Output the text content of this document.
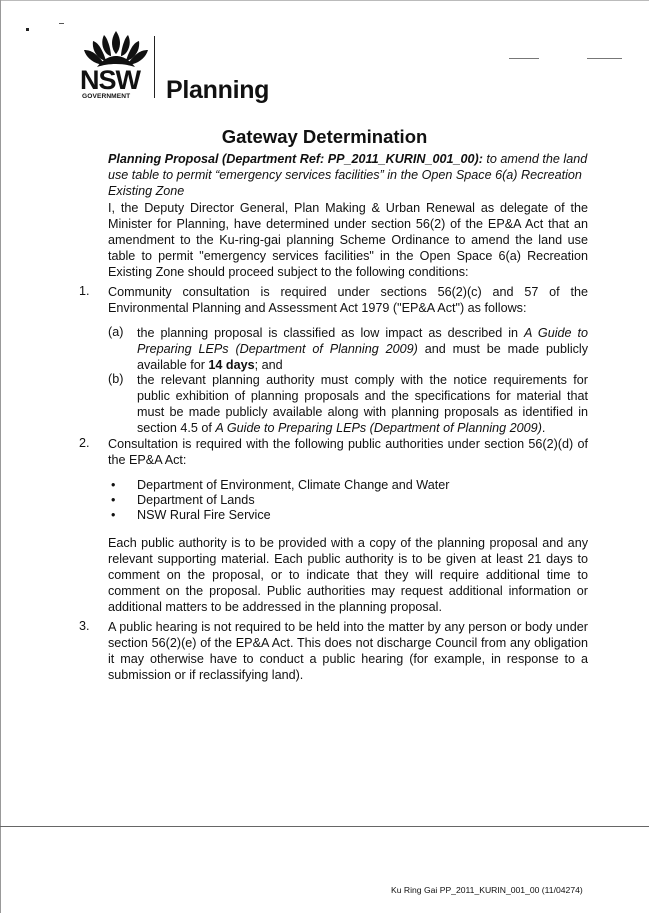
NSW
GOVERNMENT Planning
Gateway Determination
Planning Proposal (Department Ref: PP_2011_KURIN_001_00): to amend the land use table to permit “emergency services facilities” in the Open Space 6(a) Recreation Existing Zone
I, the Deputy Director General, Plan Making & Urban Renewal as delegate of the Minister for Planning, have determined under section 56(2) of the EP&A Act that an amendment to the Ku-ring-gai planning Scheme Ordinance to amend the land use table to permit "emergency services facilities" in the Open Space 6(a) Recreation Existing Zone should proceed subject to the following conditions:
1. Community consultation is required under sections 56(2)(c) and 57 of the Environmental Planning and Assessment Act 1979 ("EP&A Act") as follows:
(a) the planning proposal is classified as low impact as described in A Guide to Preparing LEPs (Department of Planning 2009) and must be made publicly available for 14 days; and
(b) the relevant planning authority must comply with the notice requirements for public exhibition of planning proposals and the specifications for material that must be made publicly available along with planning proposals as identified in section 4.5 of A Guide to Preparing LEPs (Department of Planning 2009).
2. Consultation is required with the following public authorities under section 56(2)(d) of the EP&A Act:
• Department of Environment, Climate Change and Water
• Department of Lands
• NSW Rural Fire Service
Each public authority is to be provided with a copy of the planning proposal and any relevant supporting material. Each public authority is to be given at least 21 days to comment on the proposal, or to indicate that they will require additional time to comment on the proposal. Public authorities may request additional information or additional matters to be addressed in the planning proposal.
3. A public hearing is not required to be held into the matter by any person or body under section 56(2)(e) of the EP&A Act. This does not discharge Council from any obligation it may otherwise have to conduct a public hearing (for example, in response to a submission or if reclassifying land).
Ku Ring Gai PP_2011_KURIN_001_00 (11/04274)
